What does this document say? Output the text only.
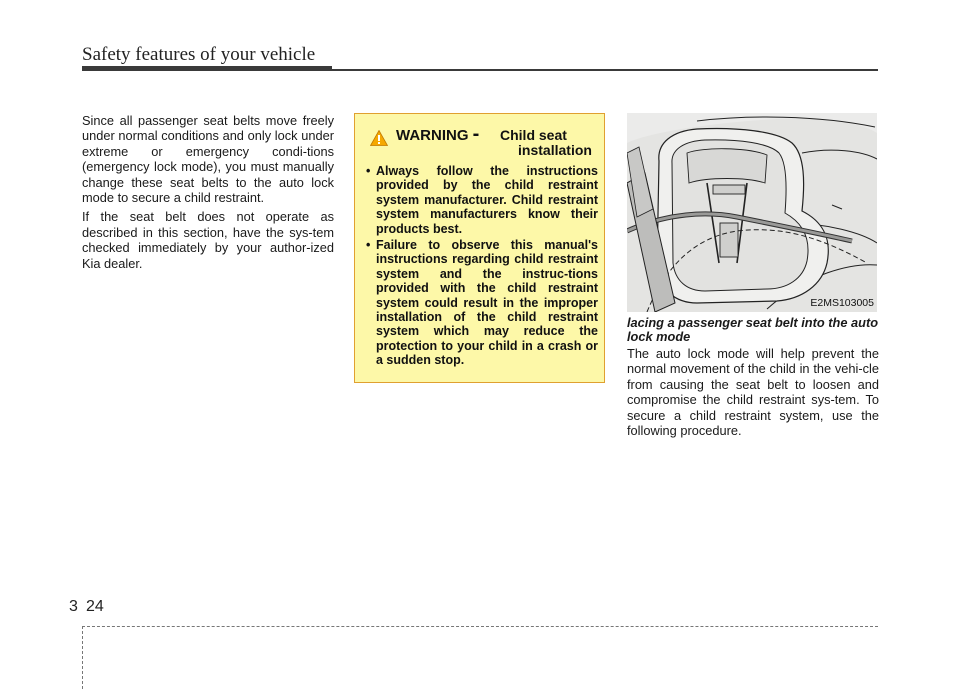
Safety features of your vehicle

Since all passenger seat belts move freely under normal conditions and only lock under extreme or emergency condi-tions (emergency lock mode), you must manually change these seat belts to the auto lock mode to secure a child restraint.

If the seat belt does not operate as described in this section, have the sys-tem checked immediately by your author-ized Kia dealer.

WARNING - Child seat
installation
• Always follow the instructions provided by the child restraint system manufacturer. Child restraint system manufacturers know their products best.
• Failure to observe this manual's instructions regarding child restraint system and the instruc-tions provided with the child restraint system could result in the improper installation of the child restraint system which may reduce the protection to your child in a crash or a sudden stop.
E2MS103005
lacing a passenger seat belt into the auto lock mode

The auto lock mode will help prevent the normal movement of the child in the vehi-cle from causing the seat belt to loosen and compromise the child restraint sys-tem. To secure a child restraint system, use the following procedure.

3 24
